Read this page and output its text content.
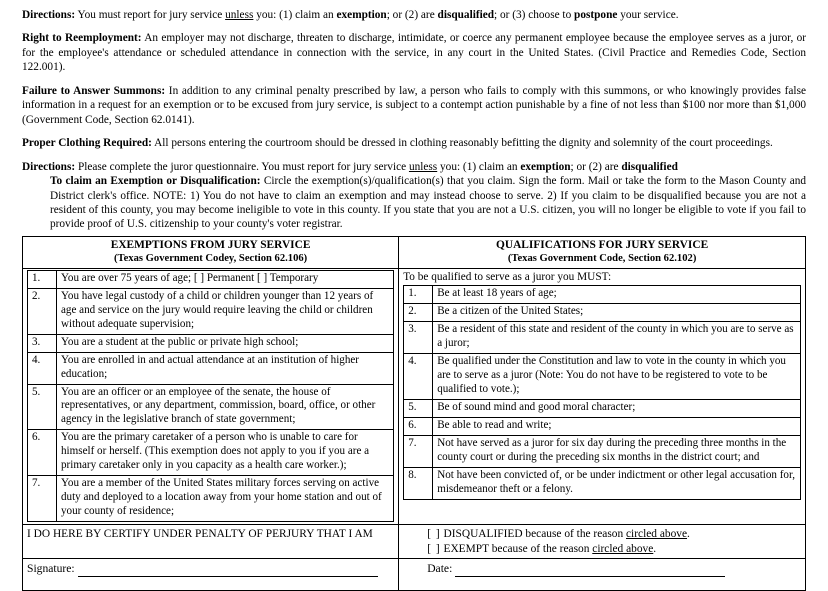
Directions: You must report for jury service unless you: (1) claim an exemption; or (2) are disqualified; or (3) choose to postpone your service.
Right to Reemployment: An employer may not discharge, threaten to discharge, intimidate, or coerce any permanent employee because the employee serves as a juror, or for the employee's attendance or scheduled attendance in connection with the service, in any court in the United States. (Civil Practice and Remedies Code, Section 122.001).
Failure to Answer Summons: In addition to any criminal penalty prescribed by law, a person who fails to comply with this summons, or who knowingly provides false information in a request for an exemption or to be excused from jury service, is subject to a contempt action punishable by a fine of not less than $100 nor more than $1,000 (Government Code, Section 62.0141).
Proper Clothing Required: All persons entering the courtroom should be dressed in clothing reasonably befitting the dignity and solemnity of the court proceedings.
Directions: Please complete the juror questionnaire. You must report for jury service unless you: (1) claim an exemption; or (2) are disqualified
To claim an Exemption or Disqualification: Circle the exemption(s)/qualification(s) that you claim. Sign the form. Mail or take the form to the Mason County and District clerk's office. NOTE: 1) You do not have to claim an exemption and may instead choose to serve. 2) If you claim to be disqualified because you are not a resident of this county, you may become ineligible to vote in this county. If you state that you are not a U.S. citizen, you will no longer be eligible to vote if you fail to provide proof of U.S. citizenship to your county's voter registrar.
EXEMPTIONS FROM JURY SERVICE
(Texas Government Codey, Section 62.106)

QUALIFICATIONS FOR JURY SERVICE
(Texas Government Code, Section 62.102)

1.	You are over 75 years of age; [ ] Permanent [ ] Temporary
2.	You have legal custody of a child or children younger than 12 years of age and service on the jury would require leaving the child or children without adequate supervision;
3.	You are a student at the public or private high school;
4.	You are enrolled in and actual attendance at an institution of higher education;
5.	You are an officer or an employee of the senate, the house of representatives, or any department, commission, board, office, or other agency in the legislative branch of state government;
6.	You are the primary caretaker of a person who is unable to care for himself or herself. (This exemption does not apply to you if you are a primary caretaker only in you capacity as a health care worker.);
7.	You are a member of the United States military forces serving on active duty and deployed to a location away from your home station and out of your county of residence;

To be qualified to serve as a juror you MUST:
1.	Be at least 18 years of age;
2.	Be a citizen of the United States;
3.	Be a resident of this state and resident of the county in which you are to serve as a juror;
4.	Be qualified under the Constitution and law to vote in the county in which you are to serve as a juror (Note: You do not have to be registered to vote to be qualified to vote.);
5.	Be of sound mind and good moral character;
6.	Be able to read and write;
7.	Not have served as a juror for six day during the preceding three months in the county court or during the preceding six months in the district court; and
8.	Not have been convicted of, or be under indictment or other legal accusation for, misdemeanor theft or a felony.

I DO HERE BY CERTIFY UNDER PENALTY OF PERJURY THAT I AM	[ ] DISQUALIFIED because of the reason circled above.
[ ] EXEMPT because of the reason circled above.

Signature:	Date:
